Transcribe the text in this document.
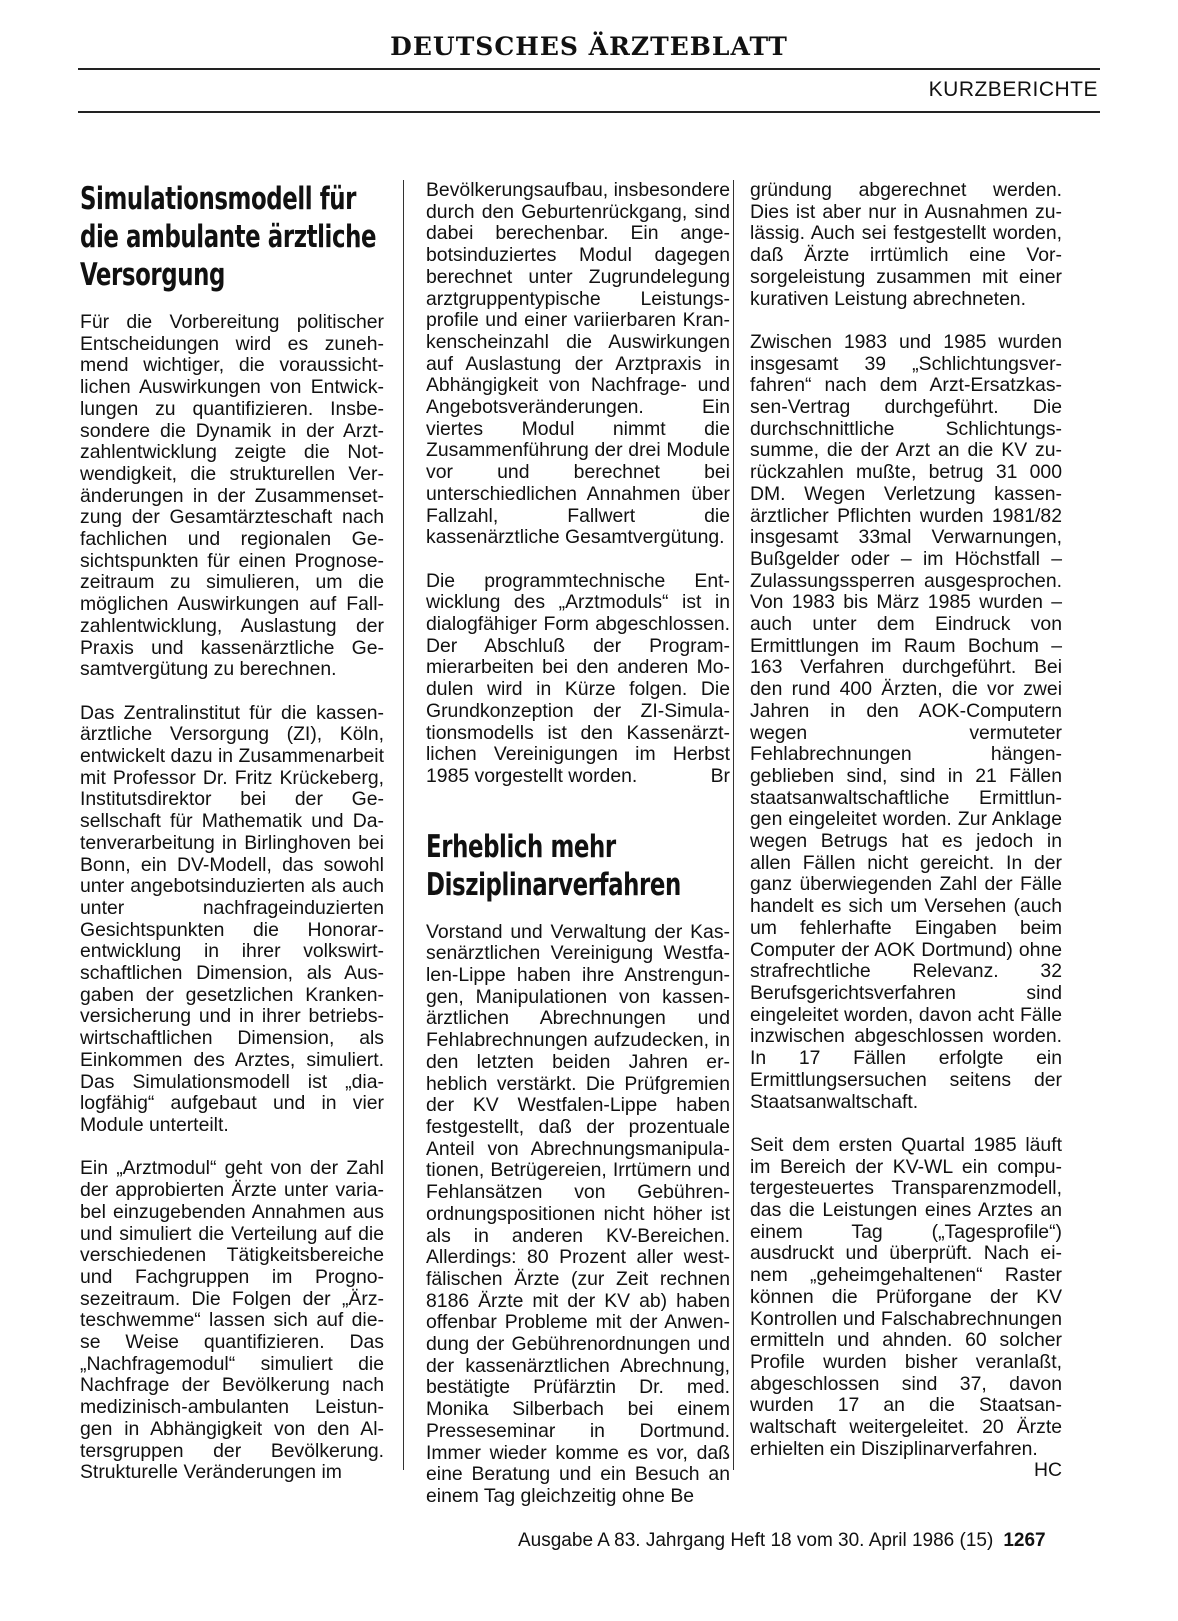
DEUTSCHES ÄRZTEBLATT
KURZBERICHTE
Simulationsmodell für die ambulante ärztliche Versorgung

Für die Vorbereitung politischer Entscheidungen wird es zunehmend wichtiger, die voraussichtlichen Auswirkungen von Entwicklungen zu quantifizieren. Insbesondere die Dynamik in der Arztzahlentwicklung zeigte die Notwendigkeit, die strukturellen Veränderungen in der Zusammensetzung der Gesamtärzteschaft nach fachlichen und regionalen Gesichtspunkten für einen Prognosezeitraum zu simulieren, um die möglichen Auswirkungen auf Fallzahlentwicklung, Auslastung der Praxis und kassenärztliche Gesamtvergütung zu berechnen.

Das Zentralinstitut für die kassenärztliche Versorgung (ZI), Köln, entwickelt dazu in Zusammenarbeit mit Professor Dr. Fritz Krückeberg, Institutsdirektor bei der Gesellschaft für Mathematik und Datenverarbeitung in Birlinghoven bei Bonn, ein DV-Modell, das sowohl unter angebotsinduzierten als auch unter nachfrageinduzierten Gesichtspunkten die Honorarentwicklung in ihrer volkswirtschaftlichen Dimension, als Ausgaben der gesetzlichen Krankenversicherung und in ihrer betriebswirtschaftlichen Dimension, als Einkommen des Arztes, simuliert. Das Simulationsmodell ist „dialogfähig“ aufgebaut und in vier Module unterteilt.

Ein „Arztmodul“ geht von der Zahl der approbierten Ärzte unter variabel einzugebenden Annahmen aus und simuliert die Verteilung auf die verschiedenen Tätigkeitsbereiche und Fachgruppen im Prognosezeitraum. Die Folgen der „Ärzteschwemme“ lassen sich auf diese Weise quantifizieren. Das „Nachfragemodul“ simuliert die Nachfrage der Bevölkerung nach medizinisch-ambulanten Leistungen in Abhängigkeit von den Altersgruppen der Bevölkerung. Strukturelle Veränderungen im

Bevölkerungsaufbau, insbesondere durch den Geburtenrückgang, sind dabei berechenbar. Ein angebotsinduziertes Modul dagegen berechnet unter Zugrundelegung arztgruppentypische Leistungsprofile und einer variierbaren Krankenscheinzahl die Auswirkungen auf Auslastung der Arztpraxis in Abhängigkeit von Nachfrage- und Angebotsveränderungen. Ein viertes Modul nimmt die Zusammenführung der drei Module vor und berechnet bei unterschiedlichen Annahmen über Fallzahl, Fallwert die kassenärztliche Gesamtvergütung.

Die programmtechnische Entwicklung des „Arztmoduls“ ist in dialogfähiger Form abgeschlossen. Der Abschluß der Programmierarbeiten bei den anderen Modulen wird in Kürze folgen. Die Grundkonzeption der ZI-Simulationsmodells ist den Kassenärztlichen Vereinigungen im Herbst 1985 vorgestellt worden.	Br

Erheblich mehr Disziplinarverfahren

Vorstand und Verwaltung der Kassenärztlichen Vereinigung Westfalen-Lippe haben ihre Anstrengungen, Manipulationen von kassenärztlichen Abrechnungen und Fehlabrechnungen aufzudecken, in den letzten beiden Jahren erheblich verstärkt. Die Prüfgremien der KV Westfalen-Lippe haben festgestellt, daß der prozentuale Anteil von Abrechnungsmanipulationen, Betrügereien, Irrtümern und Fehlansätzen von Gebührenordnungspositionen nicht höher ist als in anderen KV-Bereichen. Allerdings: 80 Prozent aller westfälischen Ärzte (zur Zeit rechnen 8186 Ärzte mit der KV ab) haben offenbar Probleme mit der Anwendung der Gebührenordnungen und der kassenärztlichen Abrechnung, bestätigte Prüfärztin Dr. med. Monika Silberbach bei einem Presseseminar in Dortmund. Immer wieder komme es vor, daß eine Beratung und ein Besuch an einem Tag gleichzeitig ohne Be

gründung abgerechnet werden. Dies ist aber nur in Ausnahmen zulässig. Auch sei festgestellt worden, daß Ärzte irrtümlich eine Vorsorgeleistung zusammen mit einer kurativen Leistung abrechneten.

Zwischen 1983 und 1985 wurden insgesamt 39 „Schlichtungsverfahren“ nach dem Arzt-Ersatzkassen-Vertrag durchgeführt. Die durchschnittliche Schlichtungssumme, die der Arzt an die KV zurückzahlen mußte, betrug 31 000 DM. Wegen Verletzung kassenärztlicher Pflichten wurden 1981/82 insgesamt 33mal Verwarnungen, Bußgelder oder – im Höchstfall – Zulassungssperren ausgesprochen. Von 1983 bis März 1985 wurden – auch unter dem Eindruck von Ermittlungen im Raum Bochum – 163 Verfahren durchgeführt. Bei den rund 400 Ärzten, die vor zwei Jahren in den AOK-Computern wegen vermuteter Fehlabrechnungen hängengeblieben sind, sind in 21 Fällen staatsanwaltschaftliche Ermittlungen eingeleitet worden. Zur Anklage wegen Betrugs hat es jedoch in allen Fällen nicht gereicht. In der ganz überwiegenden Zahl der Fälle handelt es sich um Versehen (auch um fehlerhafte Eingaben beim Computer der AOK Dortmund) ohne strafrechtliche Relevanz. 32 Berufsgerichtsverfahren sind eingeleitet worden, davon acht Fälle inzwischen abgeschlossen worden. In 17 Fällen erfolgte ein Ermittlungsersuchen seitens der Staatsanwaltschaft.

Seit dem ersten Quartal 1985 läuft im Bereich der KV-WL ein computergesteuertes Transparenzmodell, das die Leistungen eines Arztes an einem Tag („Tagesprofile“) ausdruckt und überprüft. Nach einem „geheimgehaltenen“ Raster können die Prüforgane der KV Kontrollen und Falschabrechnungen ermitteln und ahnden. 60 solcher Profile wurden bisher veranlaßt, abgeschlossen sind 37, davon wurden 17 an die Staatsanwaltschaft weitergeleitet. 20 Ärzte erhielten ein Disziplinarverfahren.
HC

Ausgabe A 83. Jahrgang Heft 18 vom 30. April 1986 (15) 1267
